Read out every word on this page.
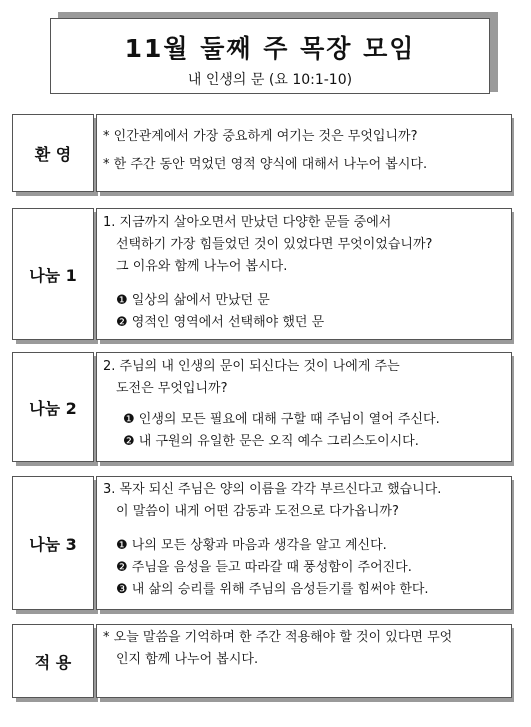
11월 둘째 주 목장 모임
내 인생의 문 (요 10:1-10)
환 영

* 인간관계에서 가장 중요하게 여기는 것은 무엇입니까?

* 한 주간 동안 먹었던 영적 양식에 대해서 나누어 봅시다.

나눔 1

1. 지금까지 살아오면서 만났던 다양한 문들 중에서

선택하기 가장 힘들었던 것이 있었다면 무엇이었습니까?

그 이유와 함께 나누어 봅시다.

❶ 일상의 삶에서 만났던 문

❷ 영적인 영역에서 선택해야 했던 문

나눔 2

2. 주님의 내 인생의 문이 되신다는 것이 나에게 주는

도전은 무엇입니까?

❶ 인생의 모든 필요에 대해 구할 때 주님이 열어 주신다.

❷ 내 구원의 유일한 문은 오직 예수 그리스도이시다.

나눔 3

3. 목자 되신 주님은 양의 이름을 각각 부르신다고 했습니다.

이 말씀이 내게 어떤 감동과 도전으로 다가옵니까?

❶ 나의 모든 상황과 마음과 생각을 알고 계신다.

❷ 주님을 음성을 듣고 따라갈 때 풍성함이 주어진다.

❸ 내 삶의 승리를 위해 주님의 음성듣기를 힘써야 한다.

적 용

* 오늘 말씀을 기억하며 한 주간 적용해야 할 것이 있다면 무엇

인지 함께 나누어 봅시다.
